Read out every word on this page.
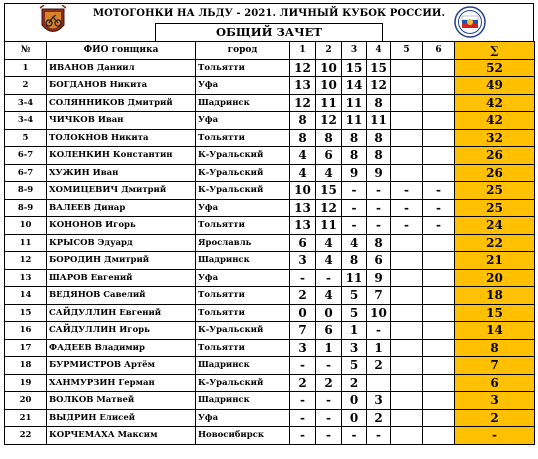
МОТОГОНКИ НА ЛЬДУ - 2021. ЛИЧНЫЙ КУБОК РОССИИ.
ОБЩИЙ ЗАЧЕТ
№	ФИО гонщика	город	1	2	3	4	5	6	∑
1	ИВАНОВ Даниил	Тольятти	12	10	15	15			52
2	БОГДАНОВ Никита	Уфа	13	10	14	12			49
3-4	СОЛЯННИКОВ Дмитрий	Шадринск	12	11	11	8			42
3-4	ЧИЧКОВ Иван	Уфа	8	12	11	11			42
5	ТОЛОКНОВ Никита	Тольятти	8	8	8	8			32
6-7	КОЛЕНКИН Константин	К-Уральский	4	6	8	8			26
6-7	ХУЖИН Иван	К-Уральский	4	4	9	9			26
8-9	ХОМИЦЕВИЧ Дмитрий	К-Уральский	10	15	-	-	-	-	25
8-9	ВАЛЕЕВ Динар	Уфа	13	12	-	-	-	-	25
10	КОНОНОВ Игорь	Тольятти	13	11	-	-	-	-	24
11	КРЫСОВ Эдуард	Ярославль	6	4	4	8			22
12	БОРОДИН Дмитрий	Шадринск	3	4	8	6			21
13	ШАРОВ Евгений	Уфа	-	-	11	9			20
14	ВЕДЯНОВ Савелий	Тольятти	2	4	5	7			18
15	САЙДУЛЛИН Евгений	Тольятти	0	0	5	10			15
16	САЙДУЛЛИН Игорь	К-Уральский	7	6	1	-			14
17	ФАДЕЕВ Владимир	Тольятти	3	1	3	1			8
18	БУРМИСТРОВ Артём	Шадринск	-	-	5	2			7
19	ХАНМУРЗИН Герман	К-Уральский	2	2	2				6
20	ВОЛКОВ Матвей	Шадринск	-	-	0	3			3
21	ВЫДРИН Елисей	Уфа	-	-	0	2			2
22	КОРЧЕМАХА Максим	Новосибирск	-	-	-	-			-
